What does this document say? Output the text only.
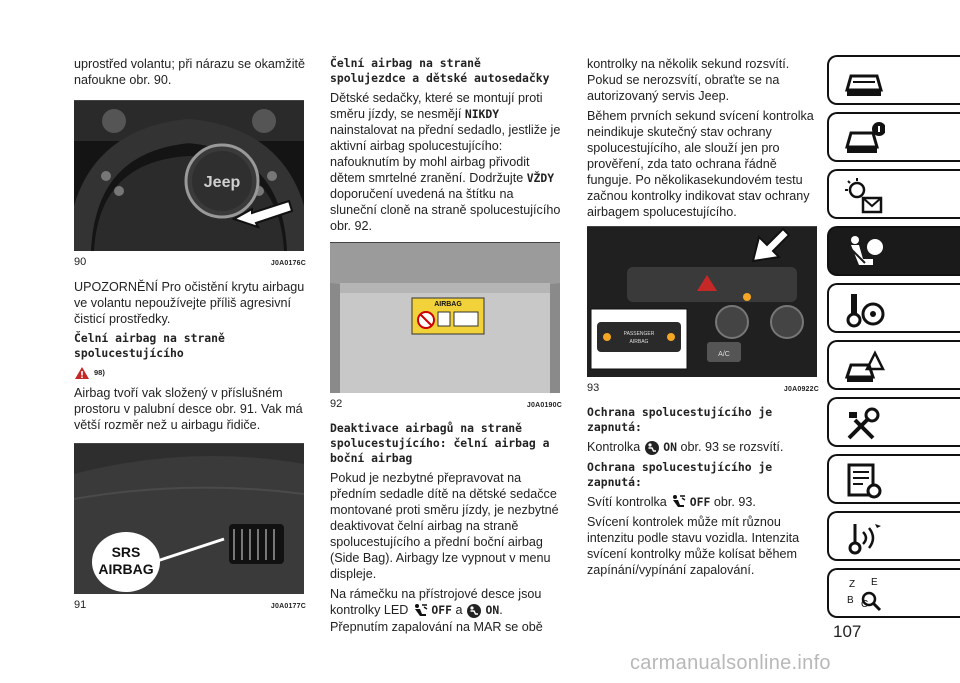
uprostřed volantu; při nárazu se okamžitě nafoukne obr. 90.

Jeep
90	J0A0176C

UPOZORNĚNÍ Pro očistění krytu airbagu ve volantu nepoužívejte příliš agresivní čisticí prostředky.

Čelní airbag na straně spolucestujícího
98)

Airbag tvoří vak složený v příslušném prostoru v palubní desce obr. 91. Vak má větší rozměr než u airbagu řidiče.

SRS
AIRBAG
91	J0A0177C
Čelní airbag na straně spolujezdce a dětské autosedačky

Dětské sedačky, které se montují proti směru jízdy, se nesmějí NIKDY nainstalovat na přední sedadlo, jestliže je aktivní airbag spolucestujícího: nafouknutím by mohl airbag přivodit dětem smrtelné zranění. Dodržujte VŽDY doporučení uvedená na štítku na sluneční cloně na straně spolucestujícího obr. 92.

AIRBAG
92	J0A0190C
Deaktivace airbagů na straně spolucestujícího: čelní airbag a boční airbag

Pokud je nezbytné přepravovat na předním sedadle dítě na dětské sedačce montované proti směru jízdy, je nezbytné deaktivovat čelní airbag na straně spolucestujícího a přední boční airbag (Side Bag). Airbagy lze vypnout v menu displeje.

Na rámečku na přístrojové desce jsou kontrolky LED OFF a ON.
Přepnutím zapalování na MAR se obě

kontrolky na několik sekund rozsvítí. Pokud se nerozsvítí, obraťte se na autorizovaný servis Jeep.

Během prvních sekund svícení kontrolka neindikuje skutečný stav ochrany spolucestujícího, ale slouží jen pro prověření, zda tato ochrana řádně funguje. Po několikasekundovém testu začnou kontrolky indikovat stav ochrany airbagem spolucestujícího.

A/C
PASSENGER
AIRBAG
93	J0A0922C
Ochrana spolucestujícího je zapnutá:

Kontrolka ON obr. 93 se rozsvítí.

Ochrana spolucestujícího je zapnutá:

Svítí kontrolka OFF obr. 93.

Svícení kontrolek může mít různou intenzitu podle stavu vozidla. Intenzita svícení kontrolky může kolísat během zapínání/vypínání zapalování.

Z E
B C
107
carmanualsonline.info
